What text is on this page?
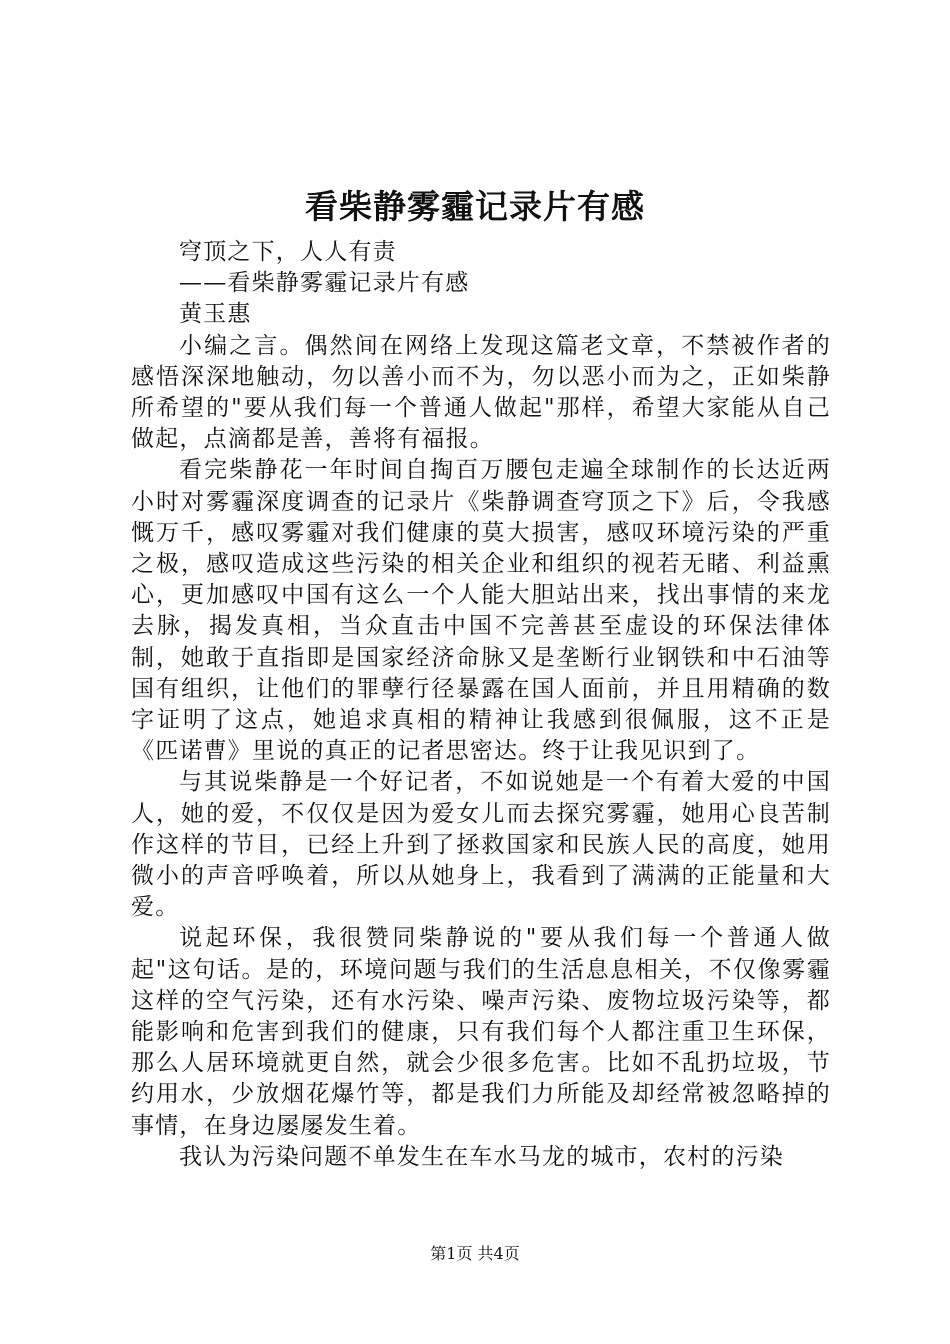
看柴静雾霾记录片有感

穹顶之下，人人有责

——看柴静雾霾记录片有感

黄玉惠

小编之言。偶然间在网络上发现这篇老文章，不禁被作者的感悟深深地触动，勿以善小而不为，勿以恶小而为之，正如柴静所希望的"要从我们每一个普通人做起"那样，希望大家能从自己做起，点滴都是善，善将有福报。

看完柴静花一年时间自掏百万腰包走遍全球制作的长达近两小时对雾霾深度调查的记录片《柴静调查穹顶之下》后，令我感慨万千，感叹雾霾对我们健康的莫大损害，感叹环境污染的严重之极，感叹造成这些污染的相关企业和组织的视若无睹、利益熏心，更加感叹中国有这么一个人能大胆站出来，找出事情的来龙去脉，揭发真相，当众直击中国不完善甚至虚设的环保法律体制，她敢于直指即是国家经济命脉又是垄断行业钢铁和中石油等国有组织，让他们的罪孽行径暴露在国人面前，并且用精确的数字证明了这点，她追求真相的精神让我感到很佩服，这不正是《匹诺曹》里说的真正的记者思密达。终于让我见识到了。

与其说柴静是一个好记者，不如说她是一个有着大爱的中国人，她的爱，不仅仅是因为爱女儿而去探究雾霾，她用心良苦制作这样的节目，已经上升到了拯救国家和民族人民的高度，她用微小的声音呼唤着，所以从她身上，我看到了满满的正能量和大爱。

说起环保，我很赞同柴静说的"要从我们每一个普通人做起"这句话。是的，环境问题与我们的生活息息相关，不仅像雾霾这样的空气污染，还有水污染、噪声污染、废物垃圾污染等，都能影响和危害到我们的健康，只有我们每个人都注重卫生环保，那么人居环境就更自然，就会少很多危害。比如不乱扔垃圾，节约用水，少放烟花爆竹等，都是我们力所能及却经常被忽略掉的事情，在身边屡屡发生着。

我认为污染问题不单发生在车水马龙的城市，农村的污染

第1页 共4页
